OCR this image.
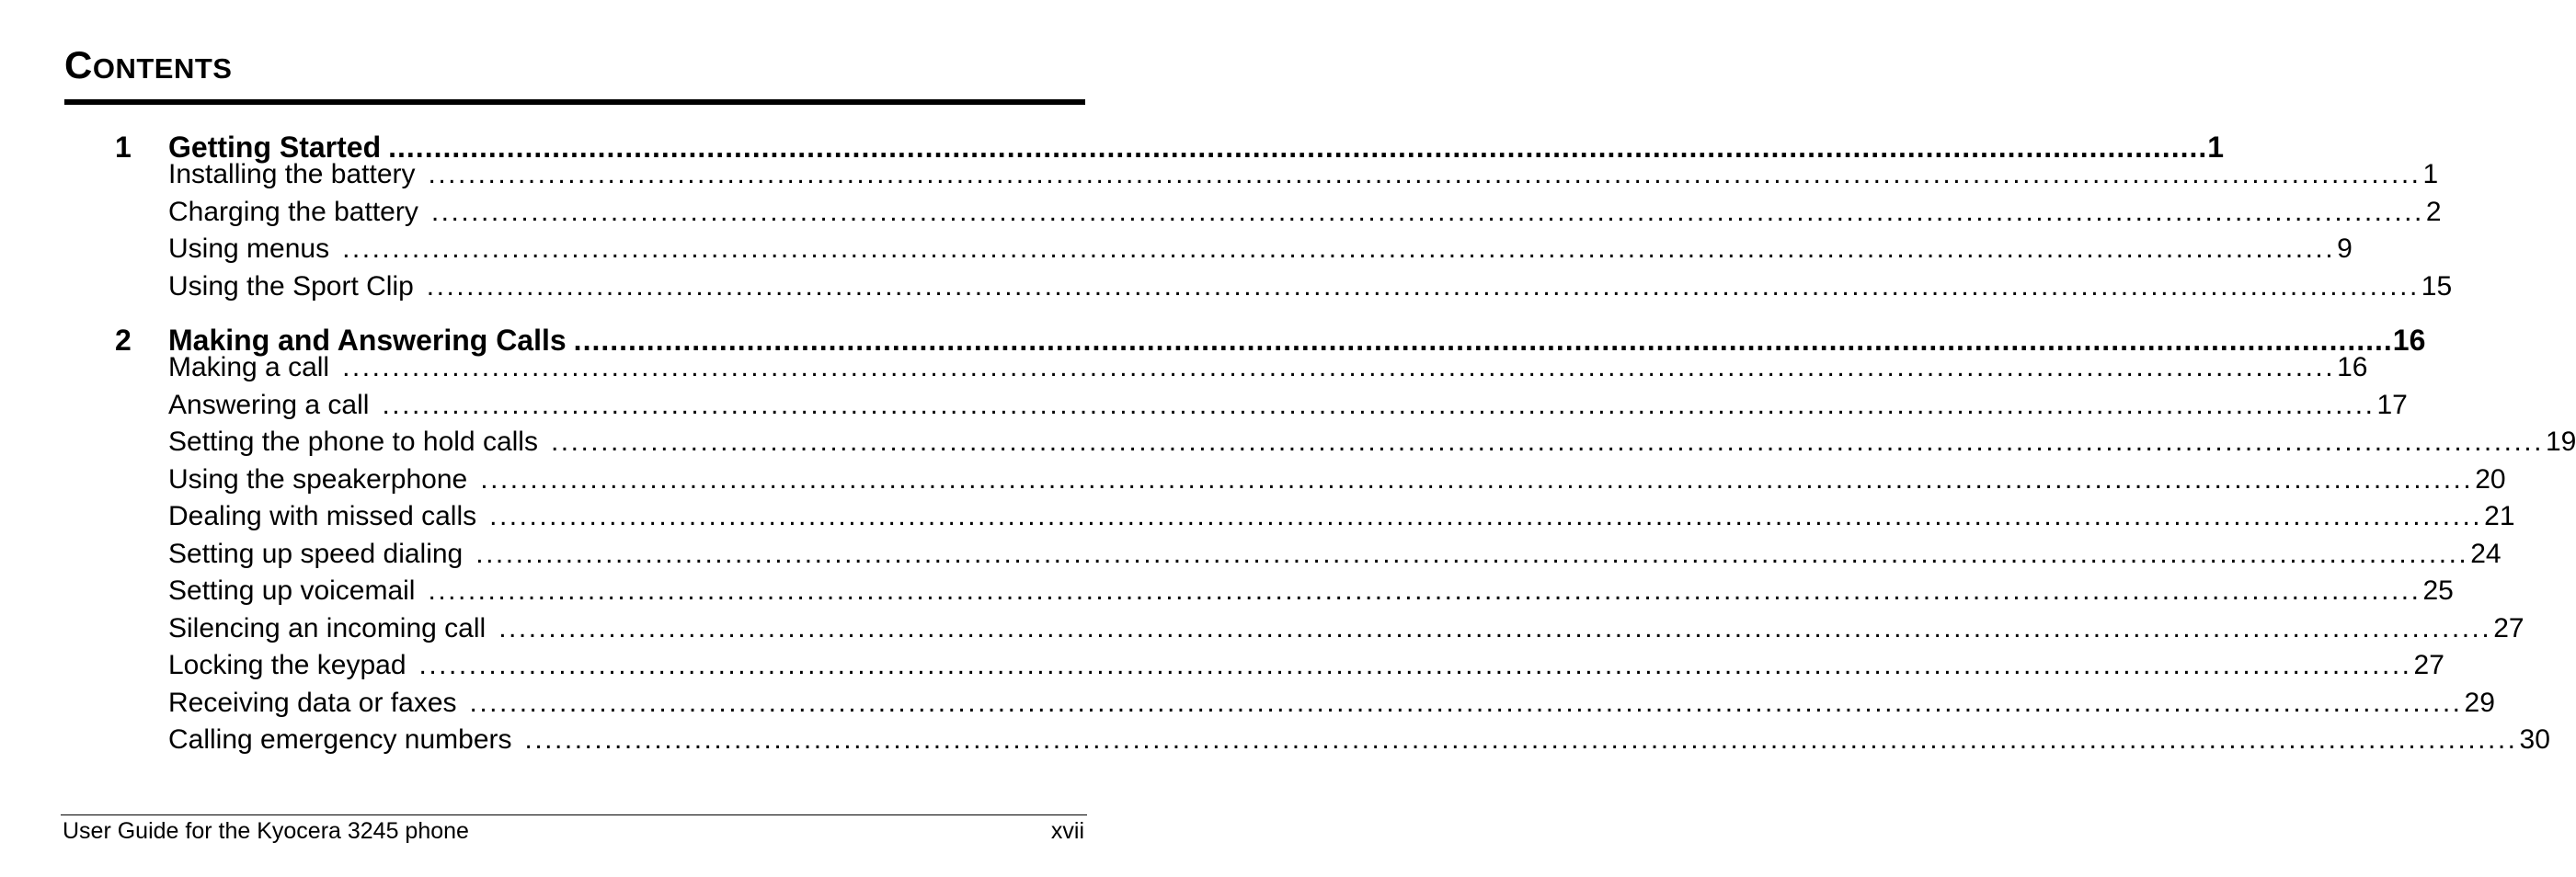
CONTENTS
1 Getting Started ........................................................................................................................................................................................................ 1
Installing the battery ........................................................................................................................................................................................................ 1
Charging the battery ........................................................................................................................................................................................................ 2
Using menus ........................................................................................................................................................................................................ 9
Using the Sport Clip ........................................................................................................................................................................................................ 15
2 Making and Answering Calls ........................................................................................................................................................................................................ 16
Making a call ........................................................................................................................................................................................................ 16
Answering a call ........................................................................................................................................................................................................ 17
Setting the phone to hold calls ........................................................................................................................................................................................................ 19
Using the speakerphone ........................................................................................................................................................................................................ 20
Dealing with missed calls ........................................................................................................................................................................................................ 21
Setting up speed dialing ........................................................................................................................................................................................................ 24
Setting up voicemail ........................................................................................................................................................................................................ 25
Silencing an incoming call ........................................................................................................................................................................................................ 27
Locking the keypad ........................................................................................................................................................................................................ 27
Receiving data or faxes ........................................................................................................................................................................................................ 29
Calling emergency numbers ........................................................................................................................................................................................................ 30
User Guide for the Kyocera 3245 phone	xvii
